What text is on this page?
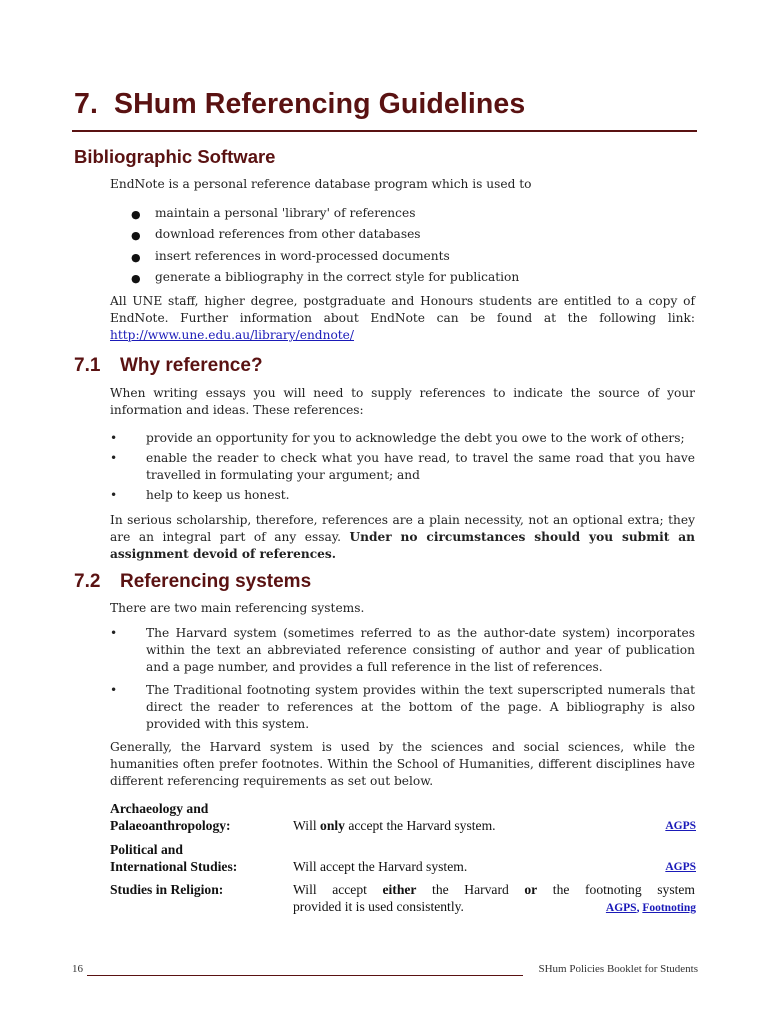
7. SHum Referencing Guidelines
Bibliographic Software
EndNote is a personal reference database program which is used to
● maintain a personal 'library' of references
● download references from other databases
● insert references in word-processed documents
● generate a bibliography in the correct style for publication
All UNE staff, higher degree, postgraduate and Honours students are entitled to a copy of EndNote. Further information about EndNote can be found at the following link: http://www.une.edu.au/library/endnote/
7.1 Why reference?
When writing essays you will need to supply references to indicate the source of your information and ideas. These references:
• provide an opportunity for you to acknowledge the debt you owe to the work of others;
• enable the reader to check what you have read, to travel the same road that you have travelled in formulating your argument; and
• help to keep us honest.
In serious scholarship, therefore, references are a plain necessity, not an optional extra; they are an integral part of any essay. Under no circumstances should you submit an assignment devoid of references.
7.2 Referencing systems
There are two main referencing systems.
• The Harvard system (sometimes referred to as the author-date system) incorporates within the text an abbreviated reference consisting of author and year of publication and a page number, and provides a full reference in the list of references.
• The Traditional footnoting system provides within the text superscripted numerals that direct the reader to references at the bottom of the page. A bibliography is also provided with this system.
Generally, the Harvard system is used by the sciences and social sciences, while the humanities often prefer footnotes. Within the School of Humanities, different disciplines have different referencing requirements as set out below.
Archaeology and
Palaeoanthropology:	Will only accept the Harvard system.	AGPS
Political and
International Studies:	Will accept the Harvard system.	AGPS
Studies in Religion:	Will accept either the Harvard or the footnoting system
provided it is used consistently.	AGPS, Footnoting
16	SHum Policies Booklet for Students
